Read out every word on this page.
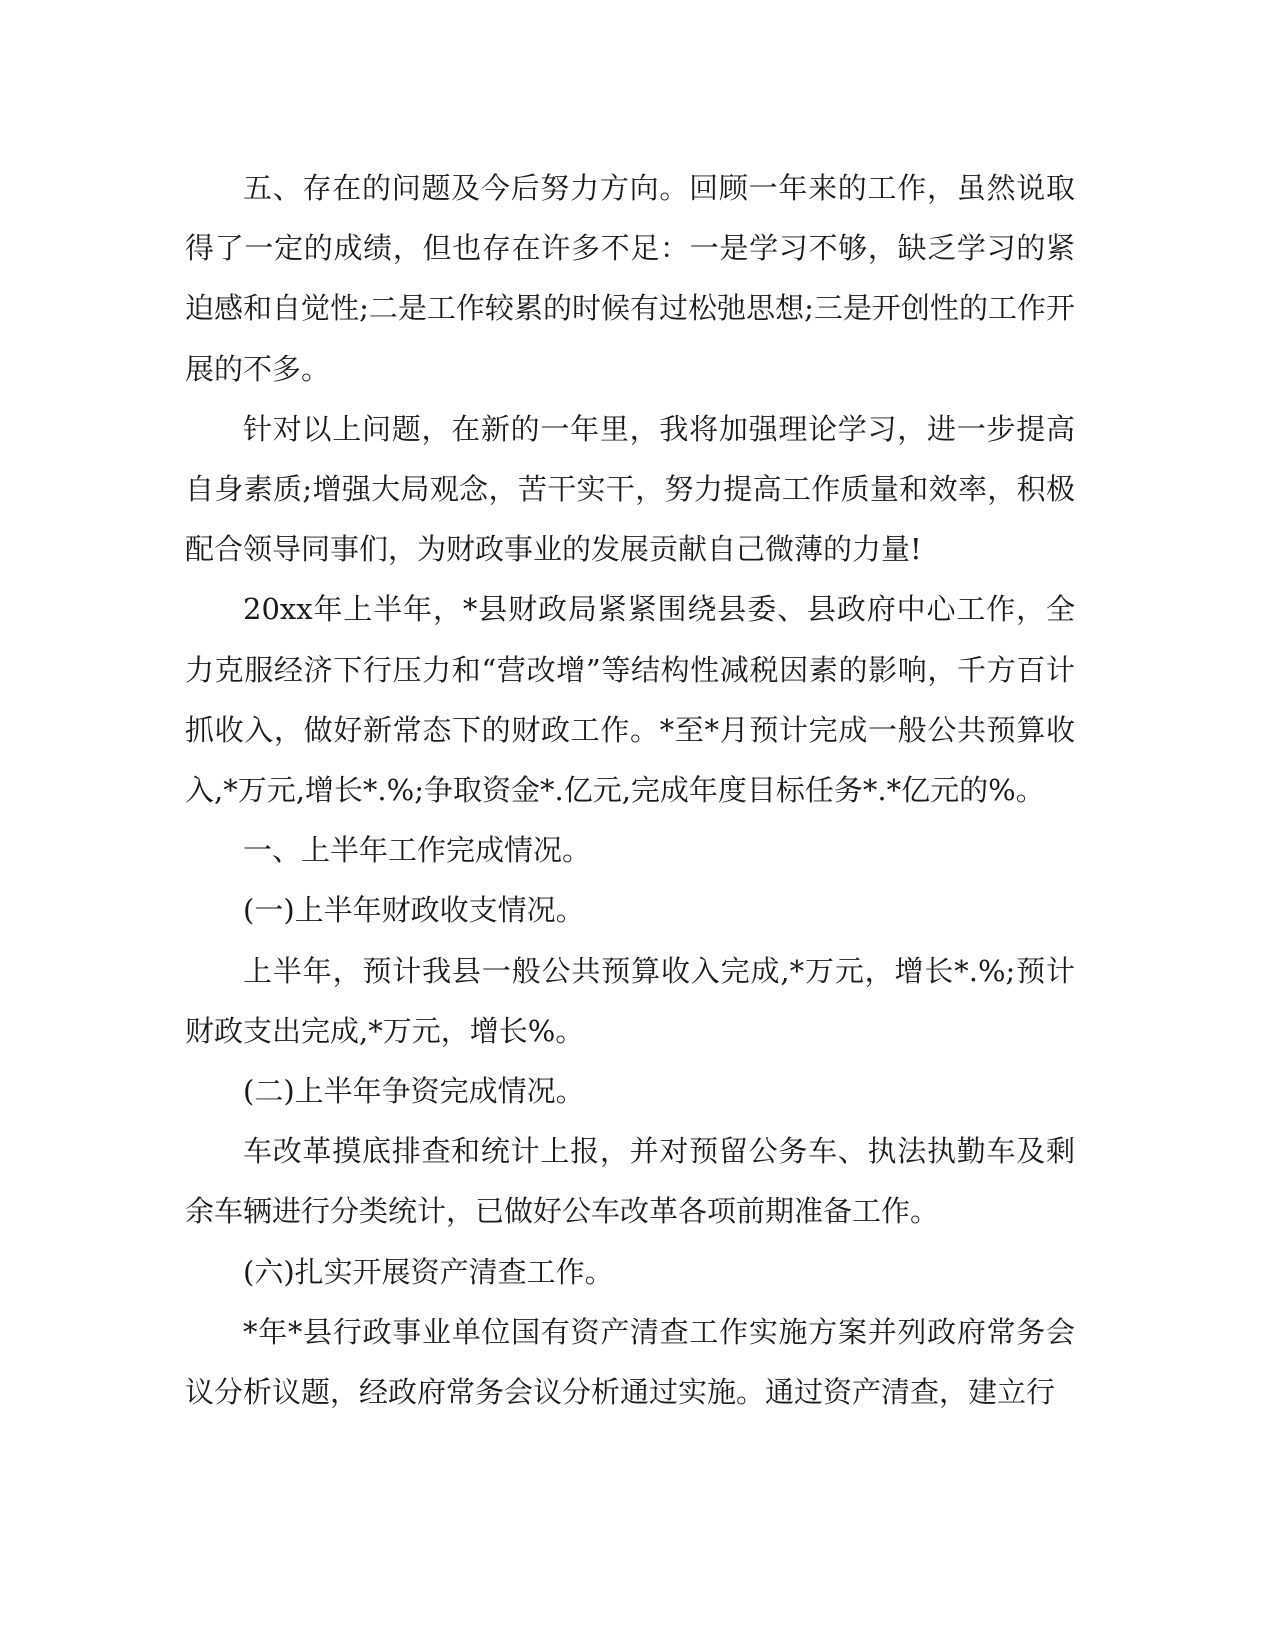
五、存在的问题及今后努力方向。回顾一年来的工作，虽然说取得了一定的成绩，但也存在许多不足：一是学习不够，缺乏学习的紧迫感和自觉性;二是工作较累的时候有过松弛思想;三是开创性的工作开展的不多。

针对以上问题，在新的一年里，我将加强理论学习，进一步提高自身素质;增强大局观念，苦干实干，努力提高工作质量和效率，积极配合领导同事们，为财政事业的发展贡献自己微薄的力量!

20xx年上半年，*县财政局紧紧围绕县委、县政府中心工作，全力克服经济下行压力和“营改增”等结构性减税因素的影响，千方百计抓收入，做好新常态下的财政工作。*至*月预计完成一般公共预算收入,*万元,增长*.%;争取资金*.亿元,完成年度目标任务*.*亿元的%。

一、上半年工作完成情况。

(一)上半年财政收支情况。

上半年，预计我县一般公共预算收入完成,*万元，增长*.%;预计财政支出完成,*万元，增长%。

(二)上半年争资完成情况。

车改革摸底排查和统计上报，并对预留公务车、执法执勤车及剩余车辆进行分类统计，已做好公车改革各项前期准备工作。

(六)扎实开展资产清查工作。

*年*县行政事业单位国有资产清查工作实施方案并列政府常务会议分析议题，经政府常务会议分析通过实施。通过资产清查，建立行
